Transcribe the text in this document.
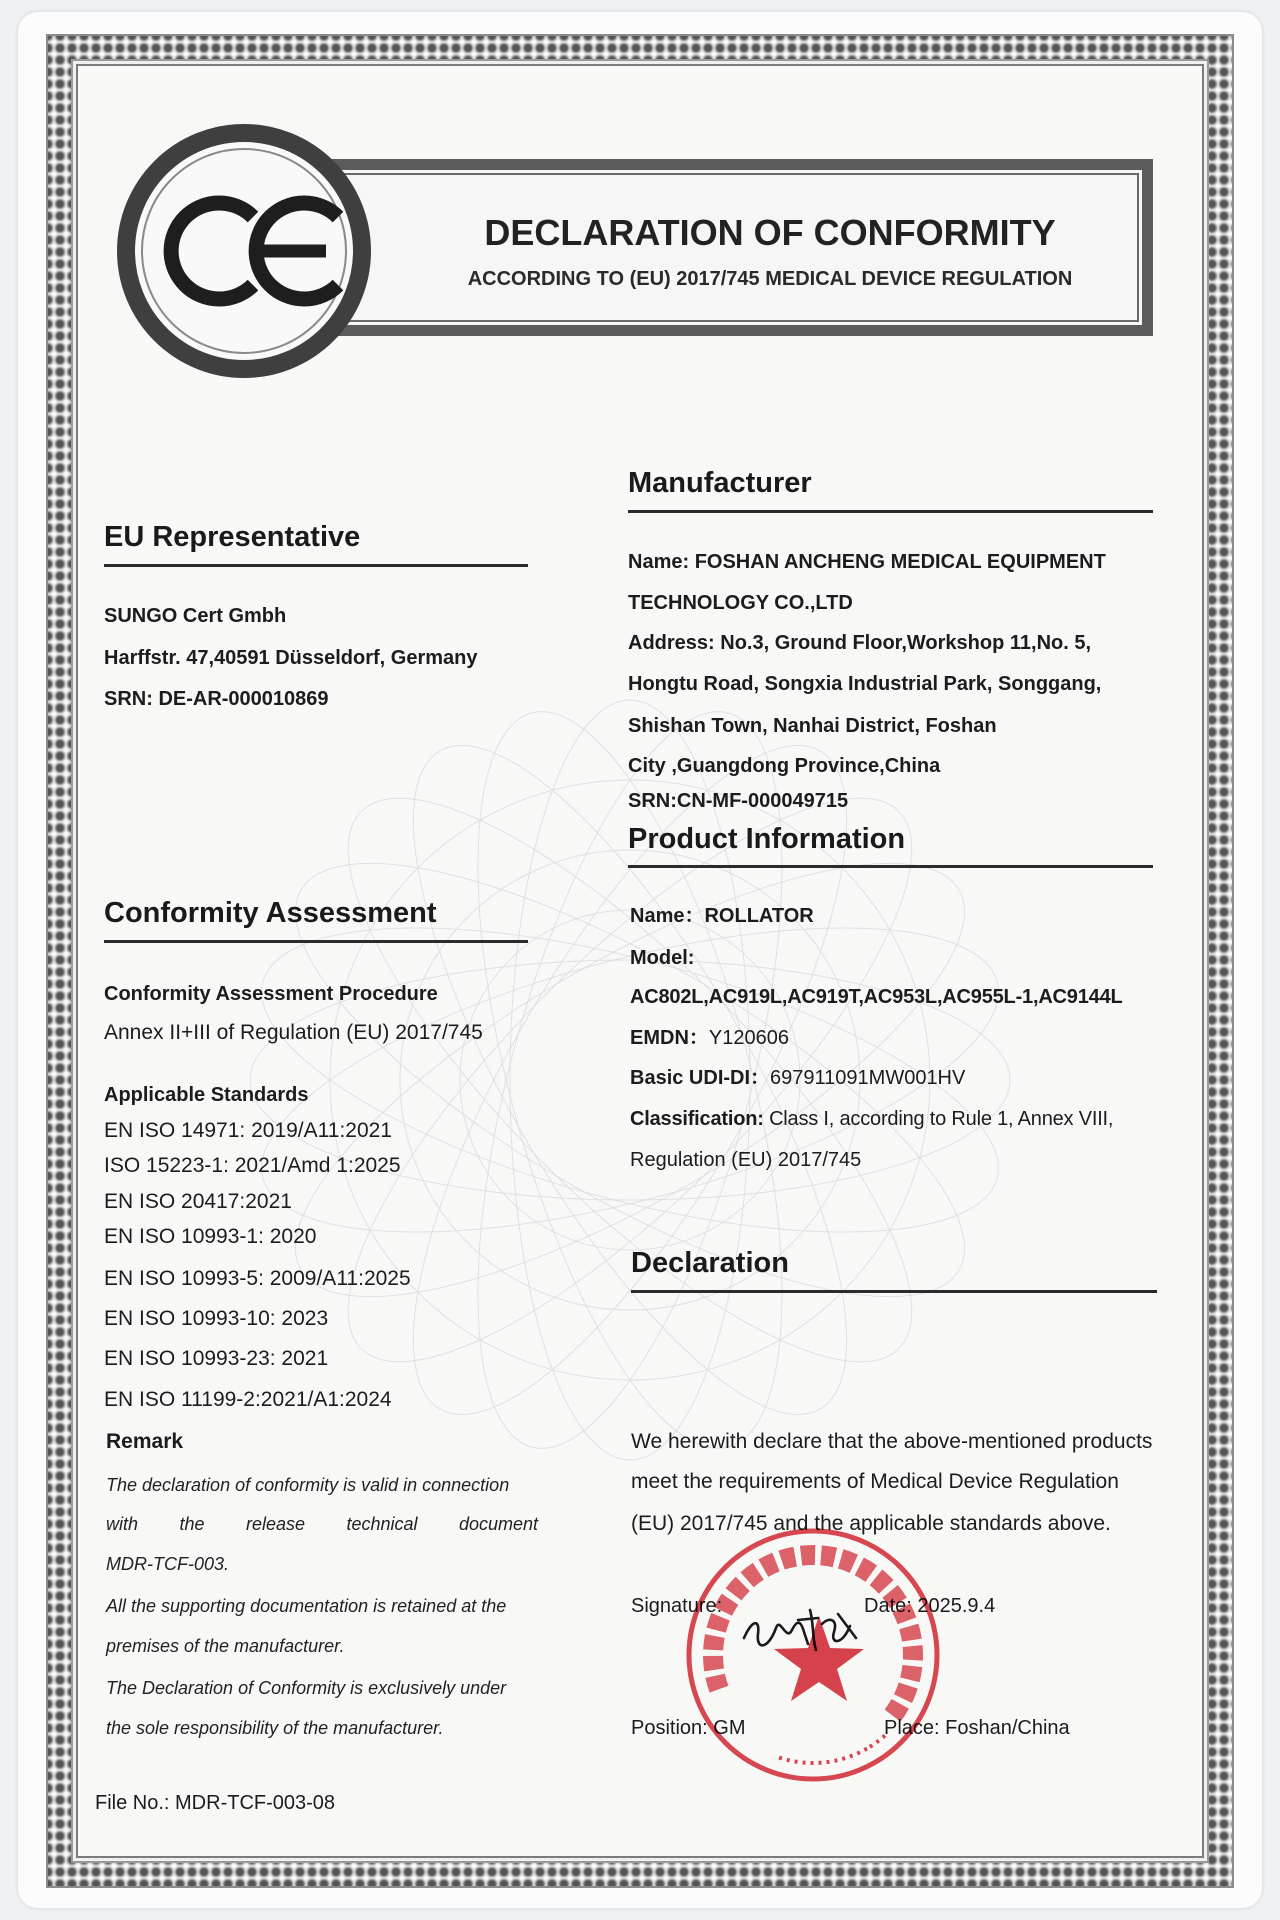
DECLARATION OF CONFORMITY
ACCORDING TO (EU) 2017/745 MEDICAL DEVICE REGULATION
EU Representative
SUNGO Cert Gmbh
Harffstr. 47,40591 Düsseldorf, Germany
SRN: DE-AR-000010869
Conformity Assessment
Conformity Assessment Procedure
Annex II+III of Regulation (EU) 2017/745
Applicable Standards
EN ISO 14971: 2019/A11:2021
ISO 15223-1: 2021/Amd 1:2025
EN ISO 20417:2021
EN ISO 10993-1: 2020
EN ISO 10993-5: 2009/A11:2025
EN ISO 10993-10: 2023
EN ISO 10993-23: 2021
EN ISO 11199-2:2021/A1:2024
Remark
The declaration of conformity is valid in connection
with the release technical document
MDR-TCF-003.
All the supporting documentation is retained at the
premises of the manufacturer.
The Declaration of Conformity is exclusively under
the sole responsibility of the manufacturer.
File No.: MDR-TCF-003-08
Manufacturer
Name: FOSHAN ANCHENG MEDICAL EQUIPMENT
TECHNOLOGY CO.,LTD
Address: No.3, Ground Floor,Workshop 11,No. 5,
Hongtu Road, Songxia Industrial Park, Songgang,
Shishan Town, Nanhai District, Foshan
City ,Guangdong Province,China
SRN:CN-MF-000049715
Product Information
Name：ROLLATOR
Model:
AC802L,AC919L,AC919T,AC953L,AC955L-1,AC9144L
EMDN：Y120606
Basic UDI-DI：697911091MW001HV
Classification: Class I, according to Rule 1, Annex VIII,
Regulation (EU) 2017/745
Declaration
We herewith declare that the above-mentioned products
meet the requirements of Medical Device Regulation
(EU) 2017/745 and the applicable standards above.
Signature:	Date: 2025.9.4
Position: GM	Place: Foshan/China
